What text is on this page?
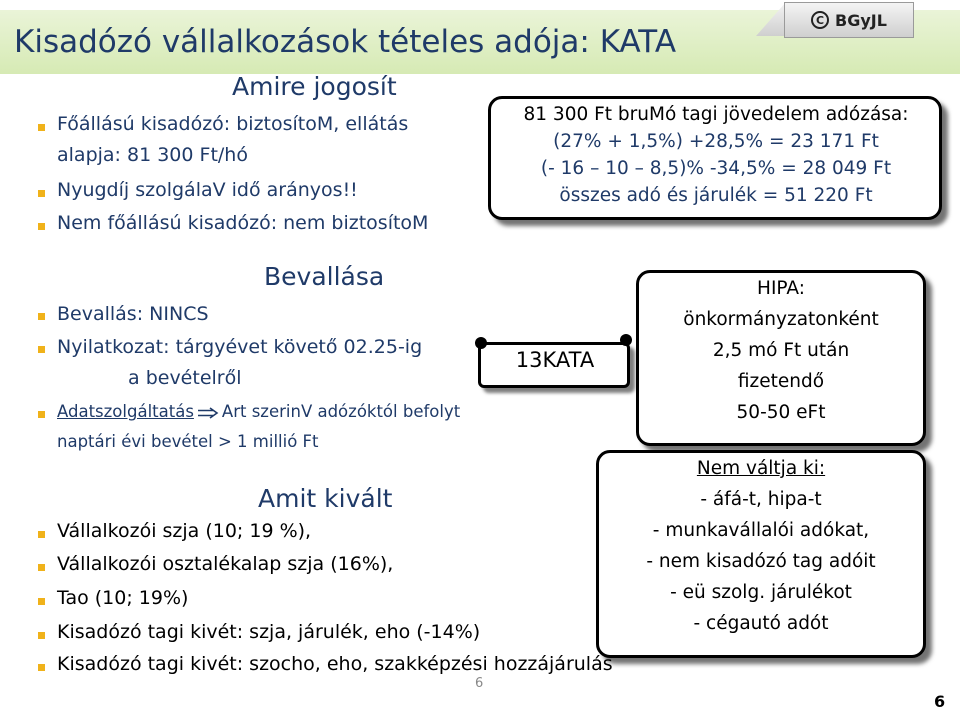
Kisadózó vállalkozások tételes adója: KATA
C BGyJL
Amire jogosít
Főállású kisadózó: biztosítoM, ellátás
alapja: 81 300 Ft/hó
Nyugdíj szolgálaV idő arányos!!
Nem főállású kisadózó: nem biztosítoM
81 300 Ft bruMó tagi jövedelem adózása:
(27% + 1,5%) +28,5% = 23 171 Ft
(- 16 – 10 – 8,5)% -34,5% = 28 049 Ft
összes adó és járulék = 51 220 Ft
Bevallása
Bevallás: NINCS
Nyilatkozat: tárgyévet követő 02.25-ig
a bevételről
Adatszolgáltatás Art szerinV adózóktól befolyt
naptári évi bevétel > 1 millió Ft
13KATA
HIPA:
önkormányzatonként
2,5 mó Ft után
fizetendő
50-50 eFt
Nem váltja ki:
- áfá-t, hipa-t
- munkavállalói adókat,
- nem kisadózó tag adóit
- eü szolg. járulékot
- cégautó adót
Amit kivált
Vállalkozói szja (10; 19 %),
Vállalkozói osztalékalap szja (16%),
Tao (10; 19%)
Kisadózó tagi kivét: szja, járulék, eho (-14%)
Kisadózó tagi kivét: szocho, eho, szakképzési hozzájárulás
6
6
